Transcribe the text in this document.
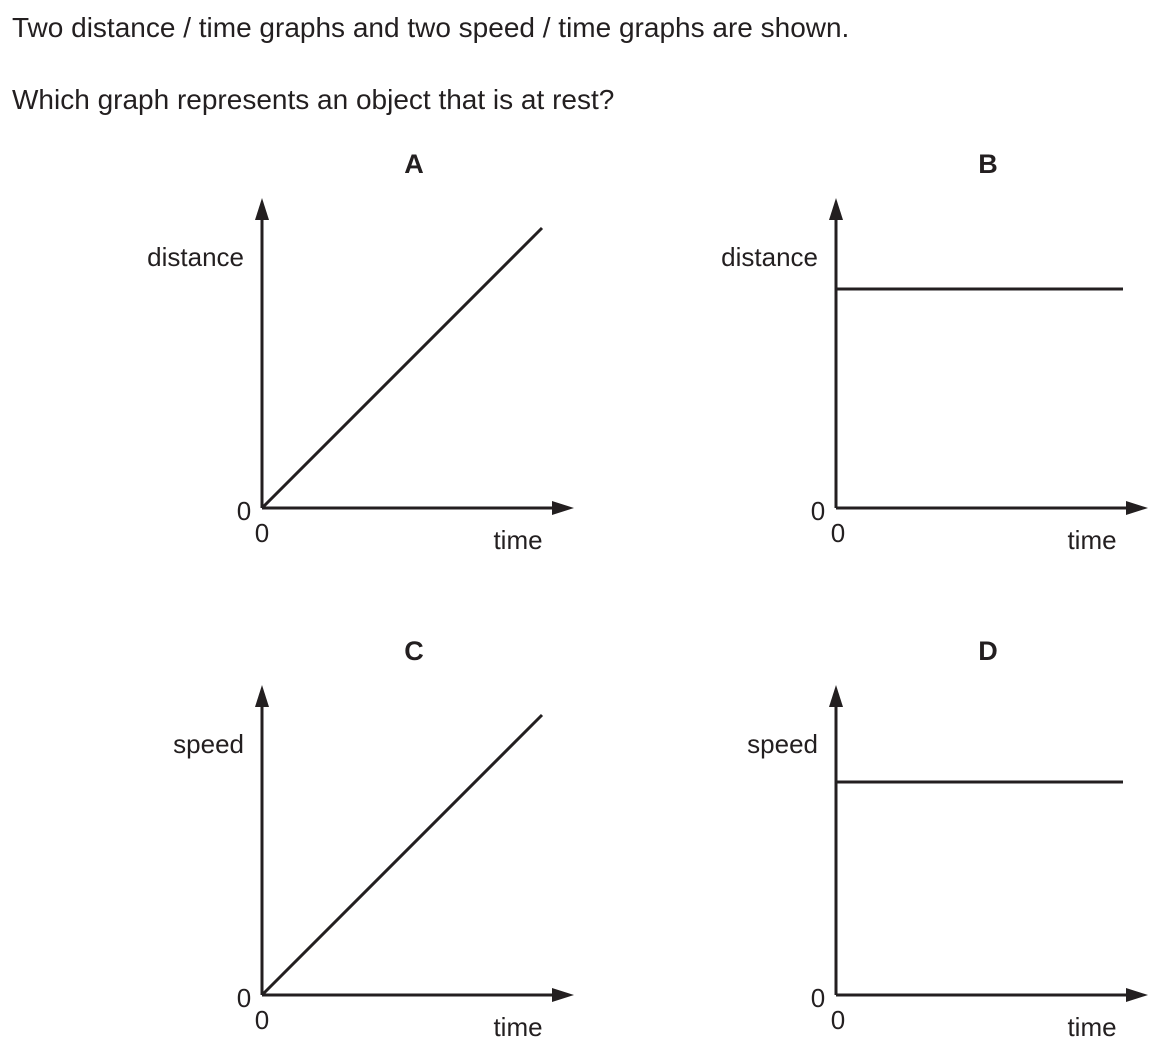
Two distance / time graphs and two speed / time graphs are shown.
Which graph represents an object that is at rest?
A
distance
0
0	time
B
distance
0
0	time
C
speed
0
0	time
D
speed
0
0	time
